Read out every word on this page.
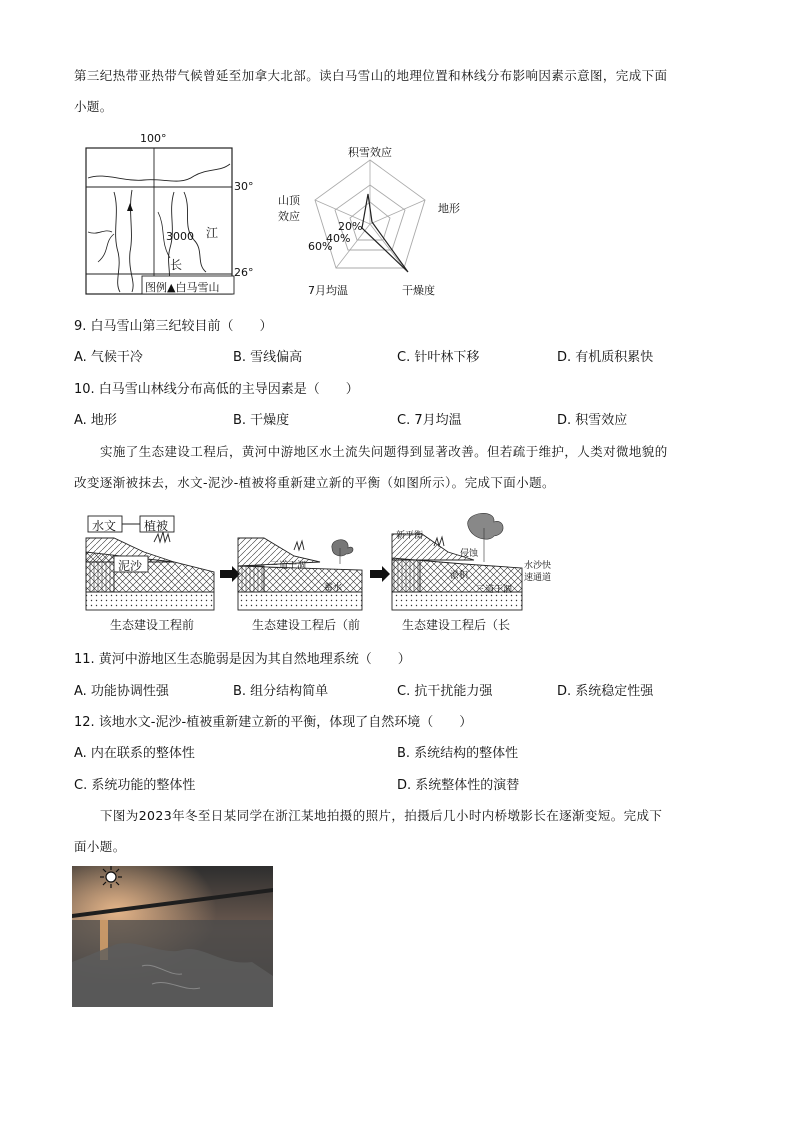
第三纪热带亚热带气候曾延至加拿大北部。读白马雪山的地理位置和林线分布影响因素示意图，完成下面
小题。
100°
30°
26°
3000 江
长
图例▲白马雪山
积雪效应
地形
干燥度
7月均温
山顶
效应
20%
40%
60%
9. 白马雪山第三纪较目前（　　）
A. 气候干冷	B. 雪线偏高	C. 针叶林下移	D. 有机质积累快
10. 白马雪山林线分布高低的主导因素是（　　）
A. 地形	B. 干燥度	C. 7月均温	D. 积雪效应
实施了生态建设工程后，黄河中游地区水土流失问题得到显著改善。但若疏于维护，人类对微地貌的
改变逐渐被抹去，水文-泥沙-植被将重新建立新的平衡（如图所示）。完成下面小题。
水文 植被
泥沙	三道干涸
蓄水
新平衡
侵蚀
淤积
三道干涸
水沙快
速通道
生态建设工程前	生态建设工程后（前	生态建设工程后（长
11. 黄河中游地区生态脆弱是因为其自然地理系统（　　）
A. 功能协调性强	B. 组分结构简单	C. 抗干扰能力强	D. 系统稳定性强
12. 该地水文-泥沙-植被重新建立新的平衡，体现了自然环境（　　）
A. 内在联系的整体性	B. 系统结构的整体性
C. 系统功能的整体性	D. 系统整体性的演替
下图为2023年冬至日某同学在浙江某地拍摄的照片，拍摄后几小时内桥墩影长在逐渐变短。完成下
面小题。
